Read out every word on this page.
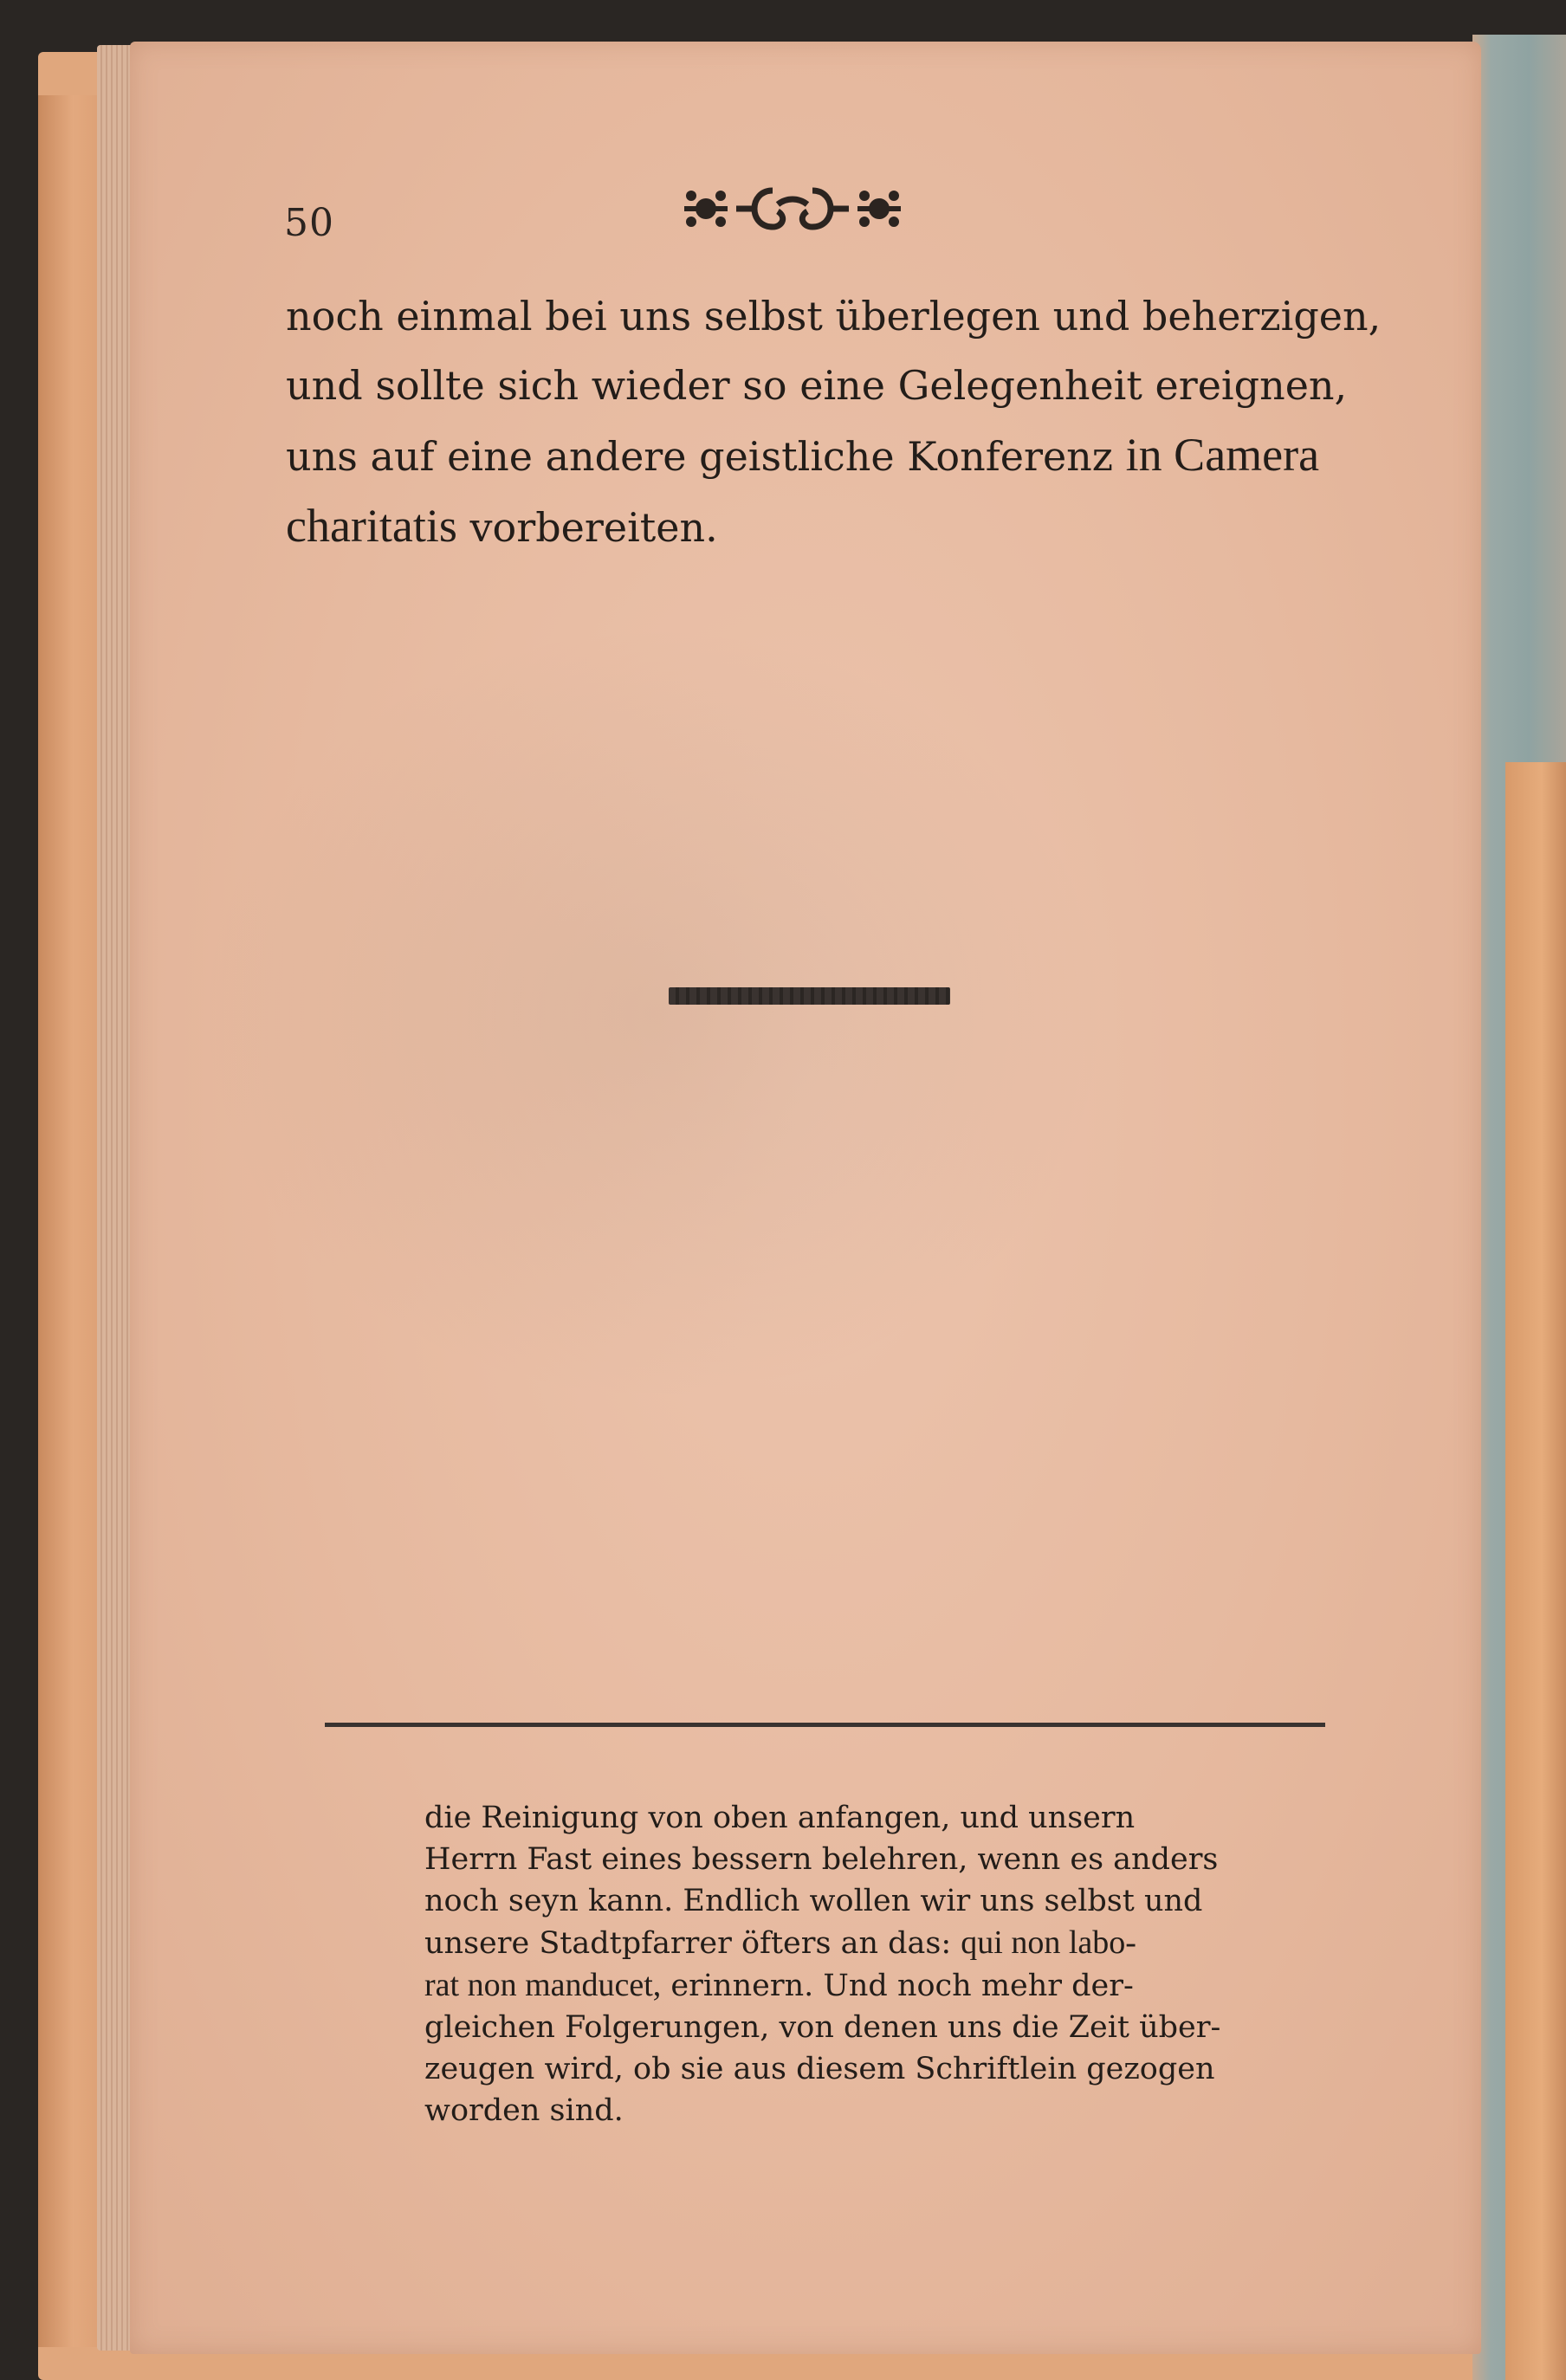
50
noch einmal bei uns selbst überlegen und beherzigen,
und sollte sich wieder so eine Gelegenheit ereignen,
uns auf eine andere geistliche Konferenz in Camera
charitatis vorbereiten.
die Reinigung von oben anfangen, und unsern
Herrn Fast eines bessern belehren, wenn es anders
noch seyn kann. Endlich wollen wir uns selbst und
unsere Stadtpfarrer öfters an das: qui non labo-
rat non manducet, erinnern. Und noch mehr der-
gleichen Folgerungen, von denen uns die Zeit über-
zeugen wird, ob sie aus diesem Schriftlein gezogen
worden sind.
